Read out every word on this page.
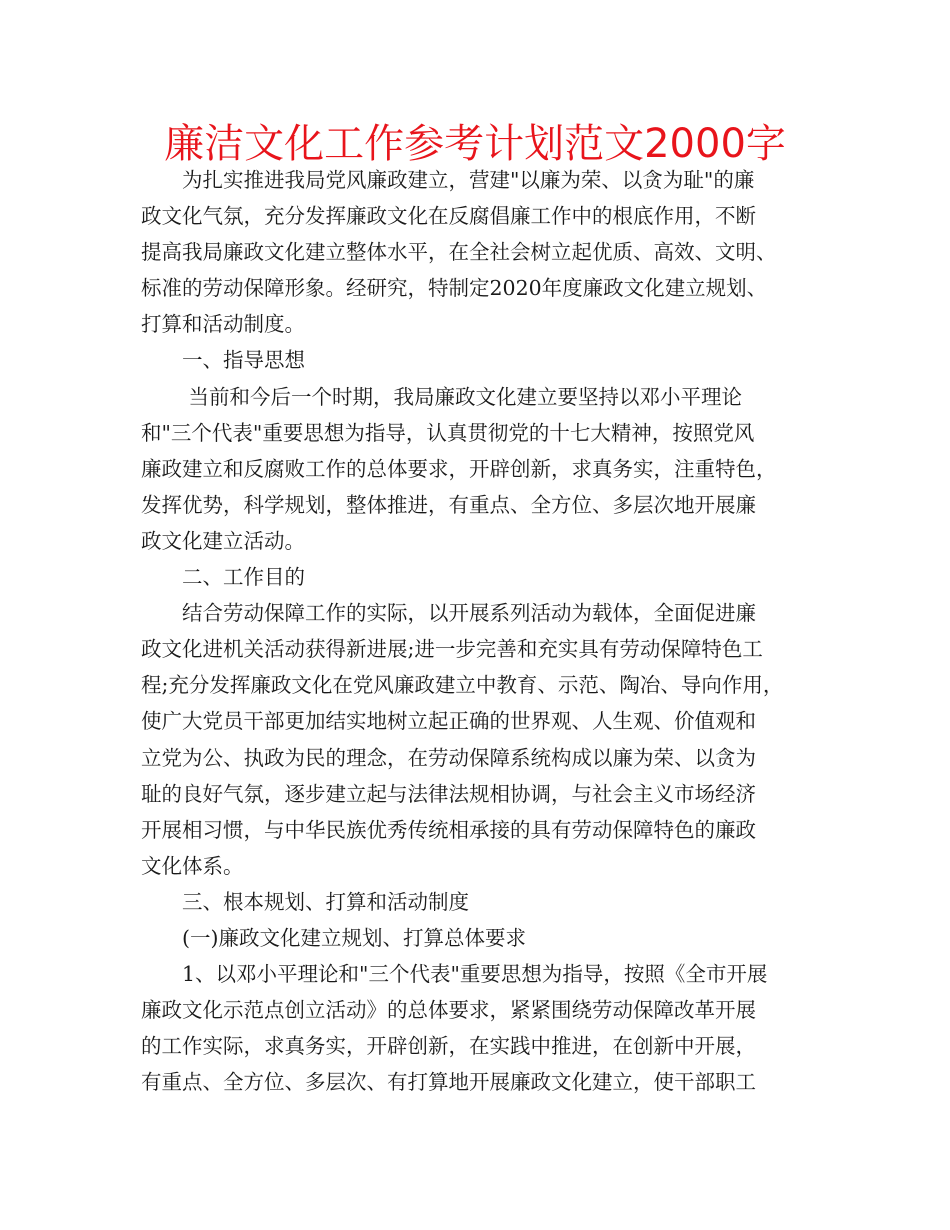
廉洁文化工作参考计划范文2000字
　　为扎实推进我局党风廉政建立，营建"以廉为荣、以贪为耻"的廉
政文化气氛，充分发挥廉政文化在反腐倡廉工作中的根底作用，不断
提高我局廉政文化建立整体水平，在全社会树立起优质、高效、文明、
标准的劳动保障形象。经研究，特制定2020年度廉政文化建立规划、
打算和活动制度。
　　一、指导思想
　　 当前和今后一个时期，我局廉政文化建立要坚持以邓小平理论
和"三个代表"重要思想为指导，认真贯彻党的十七大精神，按照党风
廉政建立和反腐败工作的总体要求，开辟创新，求真务实，注重特色，
发挥优势，科学规划，整体推进，有重点、全方位、多层次地开展廉
政文化建立活动。
　　二、工作目的
　　结合劳动保障工作的实际，以开展系列活动为载体，全面促进廉
政文化进机关活动获得新进展;进一步完善和充实具有劳动保障特色工
程;充分发挥廉政文化在党风廉政建立中教育、示范、陶冶、导向作用，
使广大党员干部更加结实地树立起正确的世界观、人生观、价值观和
立党为公、执政为民的理念，在劳动保障系统构成以廉为荣、以贪为
耻的良好气氛，逐步建立起与法律法规相协调，与社会主义市场经济
开展相习惯，与中华民族优秀传统相承接的具有劳动保障特色的廉政
文化体系。
　　三、根本规划、打算和活动制度
　　(一)廉政文化建立规划、打算总体要求
　　1、以邓小平理论和"三个代表"重要思想为指导，按照《全市开展
廉政文化示范点创立活动》的总体要求，紧紧围绕劳动保障改革开展
的工作实际，求真务实，开辟创新，在实践中推进，在创新中开展，
有重点、全方位、多层次、有打算地开展廉政文化建立，使干部职工
